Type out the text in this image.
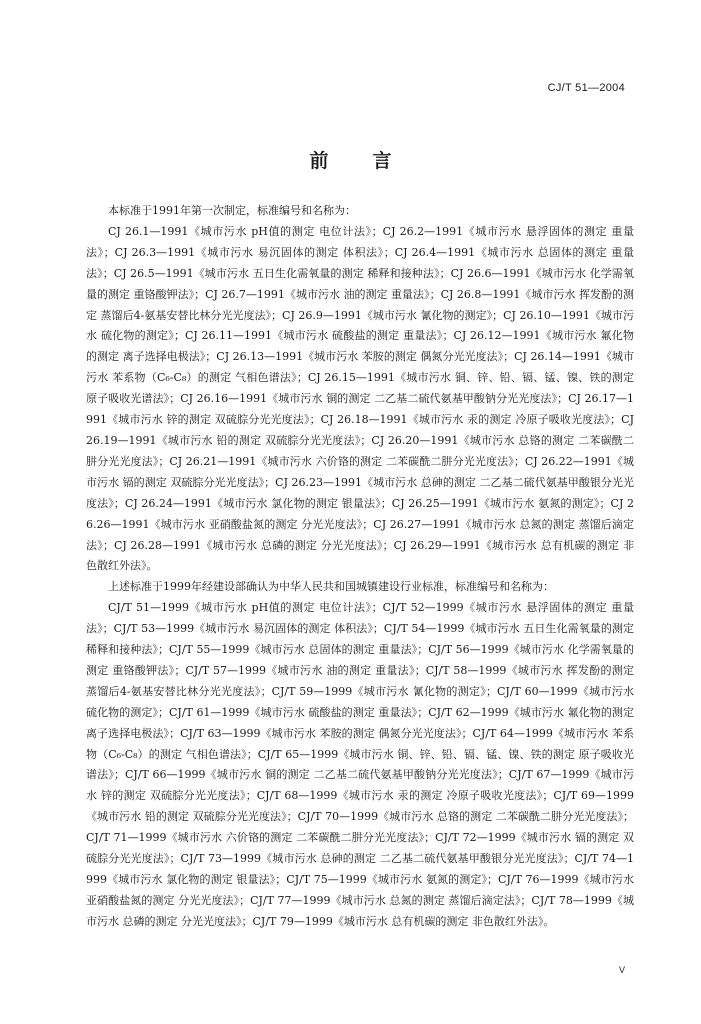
CJ/T 51—2004
前言

本标准于1991年第一次制定，标准编号和名称为：

CJ 26.1—1991《城市污水 pH值的测定 电位计法》；CJ 26.2—1991《城市污水 悬浮固体的测定 重量法》；CJ 26.3—1991《城市污水 易沉固体的测定 体积法》；CJ 26.4—1991《城市污水 总固体的测定 重量法》；CJ 26.5—1991《城市污水 五日生化需氧量的测定 稀释和接种法》；CJ 26.6—1991《城市污水 化学需氧量的测定 重铬酸钾法》；CJ 26.7—1991《城市污水 油的测定 重量法》；CJ 26.8—1991《城市污水 挥发酚的测定 蒸馏后4-氨基安替比林分光光度法》；CJ 26.9—1991《城市污水 氰化物的测定》；CJ 26.10—1991《城市污水 硫化物的测定》；CJ 26.11—1991《城市污水 硫酸盐的测定 重量法》；CJ 26.12—1991《城市污水 氟化物的测定 离子选择电极法》；CJ 26.13—1991《城市污水 苯胺的测定 偶氮分光光度法》；CJ 26.14—1991《城市污水 苯系物（C₆-C₈）的测定 气相色谱法》；CJ 26.15—1991《城市污水 铜、锌、铅、镉、锰、镍、铁的测定 原子吸收光谱法》；CJ 26.16—1991《城市污水 铜的测定 二乙基二硫代氨基甲酸钠分光光度法》；CJ 26.17—1991《城市污水 锌的测定 双硫腙分光光度法》；CJ 26.18—1991《城市污水 汞的测定 冷原子吸收光度法》；CJ 26.19—1991《城市污水 铅的测定 双硫腙分光光度法》；CJ 26.20—1991《城市污水 总铬的测定 二苯碳酰二肼分光光度法》；CJ 26.21—1991《城市污水 六价铬的测定 二苯碳酰二肼分光光度法》；CJ 26.22—1991《城市污水 镉的测定 双硫腙分光光度法》；CJ 26.23—1991《城市污水 总砷的测定 二乙基二硫代氨基甲酸银分光光度法》；CJ 26.24—1991《城市污水 氯化物的测定 银量法》；CJ 26.25—1991《城市污水 氨氮的测定》；CJ 26.26—1991《城市污水 亚硝酸盐氮的测定 分光光度法》；CJ 26.27—1991《城市污水 总氮的测定 蒸馏后滴定法》；CJ 26.28—1991《城市污水 总磷的测定 分光光度法》；CJ 26.29—1991《城市污水 总有机碳的测定 非色散红外法》。

上述标准于1999年经建设部确认为中华人民共和国城镇建设行业标准，标准编号和名称为：

CJ/T 51—1999《城市污水 pH值的测定 电位计法》；CJ/T 52—1999《城市污水 悬浮固体的测定 重量法》；CJ/T 53—1999《城市污水 易沉固体的测定 体积法》；CJ/T 54—1999《城市污水 五日生化需氧量的测定 稀释和接种法》；CJ/T 55—1999《城市污水 总固体的测定 重量法》；CJ/T 56—1999《城市污水 化学需氧量的测定 重铬酸钾法》；CJ/T 57—1999《城市污水 油的测定 重量法》；CJ/T 58—1999《城市污水 挥发酚的测定 蒸馏后4-氨基安替比林分光光度法》；CJ/T 59—1999《城市污水 氰化物的测定》；CJ/T 60—1999《城市污水 硫化物的测定》；CJ/T 61—1999《城市污水 硫酸盐的测定 重量法》；CJ/T 62—1999《城市污水 氟化物的测定 离子选择电极法》；CJ/T 63—1999《城市污水 苯胺的测定 偶氮分光光度法》；CJ/T 64—1999《城市污水 苯系物（C₆-C₈）的测定 气相色谱法》；CJ/T 65—1999《城市污水 铜、锌、铅、镉、锰、镍、铁的测定 原子吸收光谱法》；CJ/T 66—1999《城市污水 铜的测定 二乙基二硫代氨基甲酸钠分光光度法》；CJ/T 67—1999《城市污水 锌的测定 双硫腙分光光度法》；CJ/T 68—1999《城市污水 汞的测定 冷原子吸收光度法》；CJ/T 69—1999《城市污水 铅的测定 双硫腙分光光度法》；CJ/T 70—1999《城市污水 总铬的测定 二苯碳酰二肼分光光度法》；CJ/T 71—1999《城市污水 六价铬的测定 二苯碳酰二肼分光光度法》；CJ/T 72—1999《城市污水 镉的测定 双硫腙分光光度法》；CJ/T 73—1999《城市污水 总砷的测定 二乙基二硫代氨基甲酸银分光光度法》；CJ/T 74—1999《城市污水 氯化物的测定 银量法》；CJ/T 75—1999《城市污水 氨氮的测定》；CJ/T 76—1999《城市污水 亚硝酸盐氮的测定 分光光度法》；CJ/T 77—1999《城市污水 总氮的测定 蒸馏后滴定法》；CJ/T 78—1999《城市污水 总磷的测定 分光光度法》；CJ/T 79—1999《城市污水 总有机碳的测定 非色散红外法》。

V
